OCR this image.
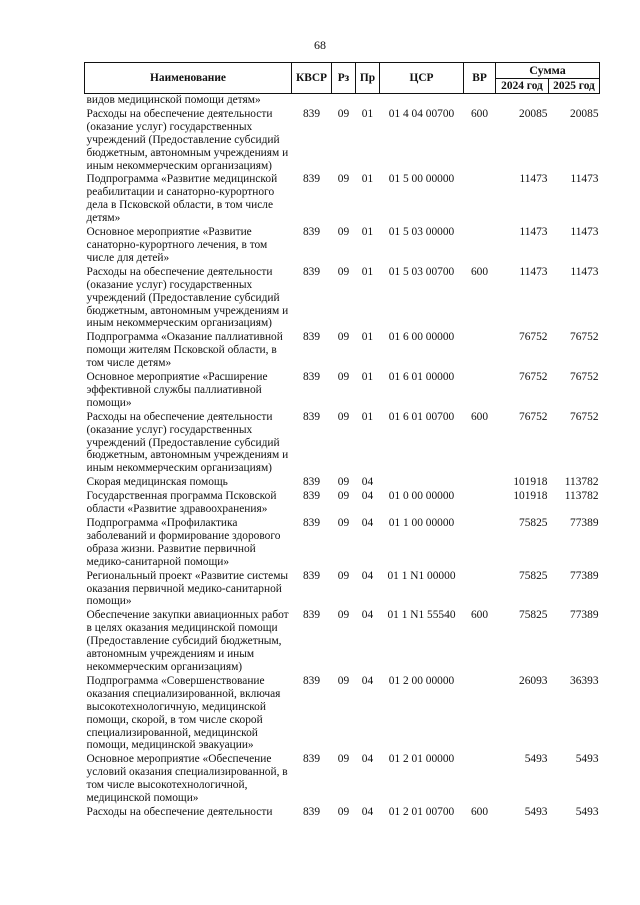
68
Наименование	КВСР	Рз	Пр	ЦСР	ВР	Сумма	
						2024 год	2025 год
видов медицинской помощи детям»							
Расходы на обеспечение деятельности (оказание услуг) государственных учреждений (Предоставление субсидий бюджетным, автономным учреждениям и иным некоммерческим организациям)	839	09	01	01 4 04 00700	600	20085	20085
Подпрограмма «Развитие медицинской реабилитации и санаторно-курортного дела в Псковской области, в том числе детям»	839	09	01	01 5 00 00000		11473	11473
Основное мероприятие «Развитие санаторно-курортного лечения, в том числе для детей»	839	09	01	01 5 03 00000		11473	11473
Расходы на обеспечение деятельности (оказание услуг) государственных учреждений (Предоставление субсидий бюджетным, автономным учреждениям и иным некоммерческим организациям)	839	09	01	01 5 03 00700	600	11473	11473
Подпрограмма «Оказание паллиативной помощи жителям Псковской области, в том числе детям»	839	09	01	01 6 00 00000		76752	76752
Основное мероприятие «Расширение эффективной службы паллиативной помощи»	839	09	01	01 6 01 00000		76752	76752
Расходы на обеспечение деятельности (оказание услуг) государственных учреждений (Предоставление субсидий бюджетным, автономным учреждениям и иным некоммерческим организациям)	839	09	01	01 6 01 00700	600	76752	76752
Скорая медицинская помощь	839	09	04			101918	113782
Государственная программа Псковской области «Развитие здравоохранения»	839	09	04	01 0 00 00000		101918	113782
Подпрограмма «Профилактика заболеваний и формирование здорового образа жизни. Развитие первичной медико-санитарной помощи»	839	09	04	01 1 00 00000		75825	77389
Региональный проект «Развитие системы оказания первичной медико-санитарной помощи»	839	09	04	01 1 N1 00000		75825	77389
Обеспечение закупки авиационных работ в целях оказания медицинской помощи (Предоставление субсидий бюджетным, автономным учреждениям и иным некоммерческим организациям)	839	09	04	01 1 N1 55540	600	75825	77389
Подпрограмма «Совершенствование оказания специализированной, включая высокотехнологичную, медицинской помощи, скорой, в том числе скорой специализированной, медицинской помощи, медицинской эвакуации»	839	09	04	01 2 00 00000		26093	36393
Основное мероприятие «Обеспечение условий оказания специализированной, в том числе высокотехнологичной, медицинской помощи»	839	09	04	01 2 01 00000		5493	5493
Расходы на обеспечение деятельности	839	09	04	01 2 01 00700	600	5493	5493
